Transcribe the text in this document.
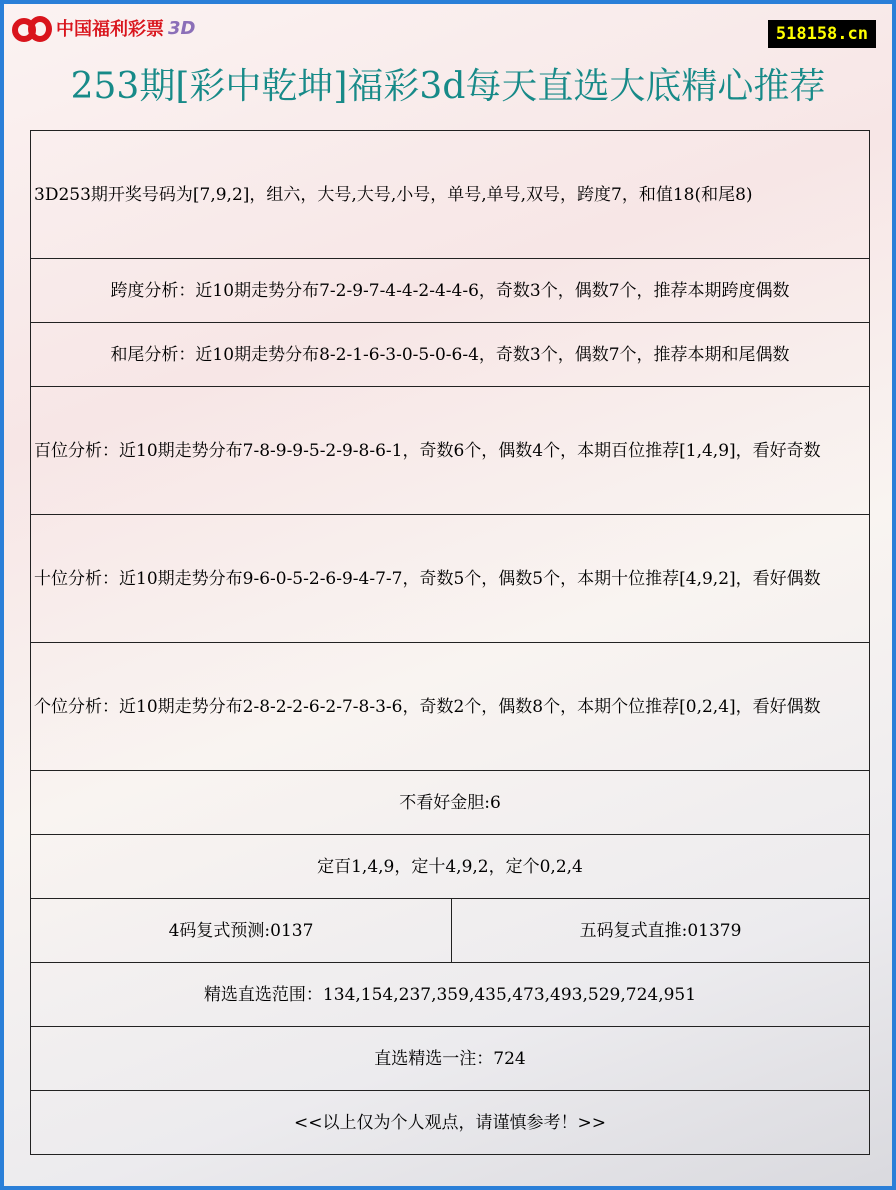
中国福利彩票 3D	518158.cn
253期[彩中乾坤]福彩3d每天直选大底精心推荐
3D253期开奖号码为[7,9,2]，组六，大号,大号,小号，单号,单号,双号，跨度7，和值18(和尾8)
跨度分析：近10期走势分布7-2-9-7-4-4-2-4-4-6，奇数3个，偶数7个，推荐本期跨度偶数
和尾分析：近10期走势分布8-2-1-6-3-0-5-0-6-4，奇数3个，偶数7个，推荐本期和尾偶数
百位分析：近10期走势分布7-8-9-9-5-2-9-8-6-1，奇数6个，偶数4个，本期百位推荐[1,4,9]，看好奇数
十位分析：近10期走势分布9-6-0-5-2-6-9-4-7-7，奇数5个，偶数5个，本期十位推荐[4,9,2]，看好偶数
个位分析：近10期走势分布2-8-2-2-6-2-7-8-3-6，奇数2个，偶数8个，本期个位推荐[0,2,4]，看好偶数
不看好金胆:6
定百1,4,9，定十4,9,2，定个0,2,4
4码复式预测:0137	五码复式直推:01379
精选直选范围：134,154,237,359,435,473,493,529,724,951
直选精选一注：724
<<以上仅为个人观点，请谨慎参考！>>
